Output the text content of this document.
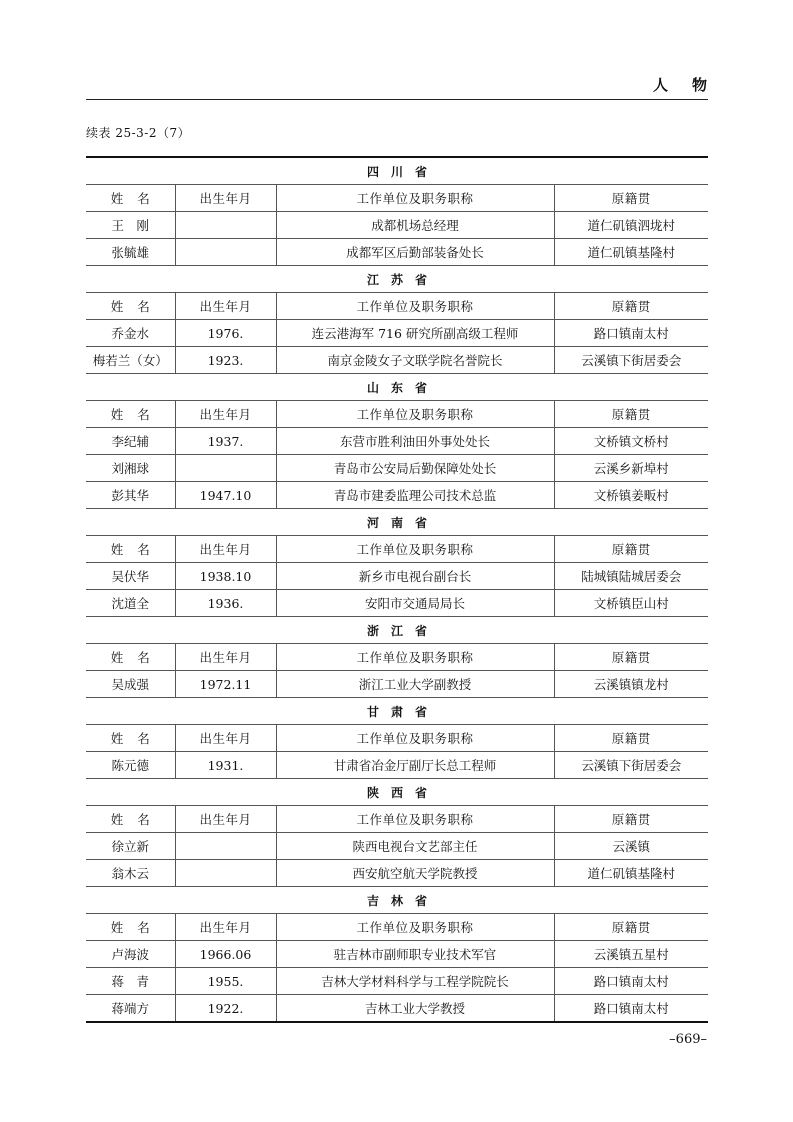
人物
续表 25-3-2（7）
四川省			
姓名	出生年月	工作单位及职务职称	原籍贯
王　刚		成都机场总经理	道仁矶镇泗垅村
张毓雄		成都军区后勤部装备处长	道仁矶镇基隆村
江苏省			
姓名	出生年月	工作单位及职务职称	原籍贯
乔金水	1976.	连云港海军 716 研究所副高级工程师	路口镇南太村
梅若兰（女）	1923.	南京金陵女子文联学院名誉院长	云溪镇下街居委会
山东省			
姓名	出生年月	工作单位及职务职称	原籍贯
李纪辅	1937.	东营市胜利油田外事处处长	文桥镇文桥村
刘湘球		青岛市公安局后勤保障处处长	云溪乡新埠村
彭其华	1947.10	青岛市建委监理公司技术总监	文桥镇姜畈村
河南省			
姓名	出生年月	工作单位及职务职称	原籍贯
吴伏华	1938.10	新乡市电视台副台长	陆城镇陆城居委会
沈道全	1936.	安阳市交通局局长	文桥镇臣山村
浙江省			
姓名	出生年月	工作单位及职务职称	原籍贯
吴成强	1972.11	浙江工业大学副教授	云溪镇镇龙村
甘肃省			
姓名	出生年月	工作单位及职务职称	原籍贯
陈元德	1931.	甘肃省冶金厅副厅长总工程师	云溪镇下街居委会
陕西省			
姓名	出生年月	工作单位及职务职称	原籍贯
徐立新		陕西电视台文艺部主任	云溪镇
翁木云		西安航空航天学院教授	道仁矶镇基隆村
吉林省			
姓名	出生年月	工作单位及职务职称	原籍贯
卢海波	1966.06	驻吉林市副师职专业技术军官	云溪镇五星村
蒋　青	1955.	吉林大学材料科学与工程学院院长	路口镇南太村
蒋端方	1922.	吉林工业大学教授	路口镇南太村
–669–
